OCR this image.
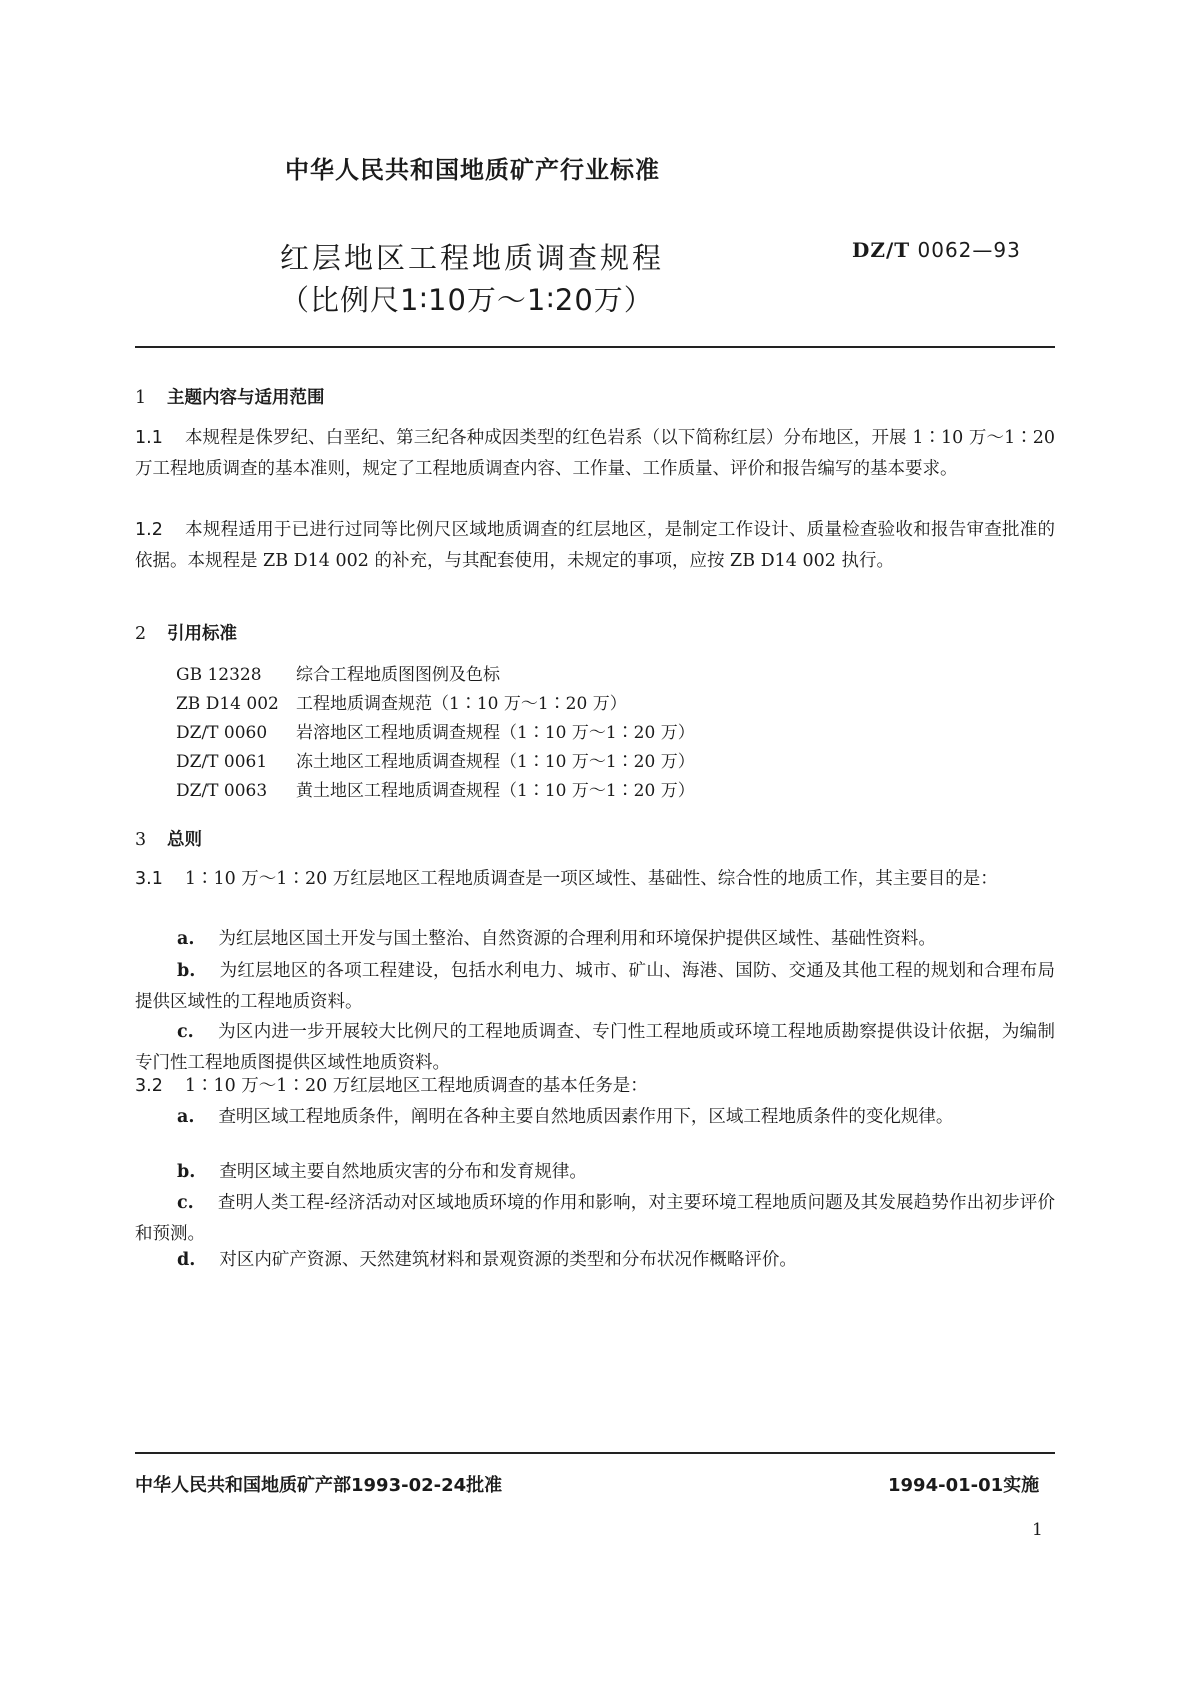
中华人民共和国地质矿产行业标准
红层地区工程地质调查规程
（比例尺1∶10万～1∶20万）
DZ/T 0062—93
1 主题内容与适用范围
1.1 本规程是侏罗纪、白垩纪、第三纪各种成因类型的红色岩系（以下简称红层）分布地区，开展 1∶10 万～1∶20 万工程地质调查的基本准则，规定了工程地质调查内容、工作量、工作质量、评价和报告编写的基本要求。
1.2 本规程适用于已进行过同等比例尺区域地质调查的红层地区，是制定工作设计、质量检查验收和报告审查批准的依据。本规程是 ZB D14 002 的补充，与其配套使用，未规定的事项，应按 ZB D14 002 执行。
2 引用标准
GB 12328 综合工程地质图图例及色标
ZB D14 002 工程地质调查规范（1∶10 万～1∶20 万）
DZ/T 0060 岩溶地区工程地质调查规程（1∶10 万～1∶20 万）
DZ/T 0061 冻土地区工程地质调查规程（1∶10 万～1∶20 万）
DZ/T 0063 黄土地区工程地质调查规程（1∶10 万～1∶20 万）
3 总则
3.1 1∶10 万～1∶20 万红层地区工程地质调查是一项区域性、基础性、综合性的地质工作，其主要目的是：
a. 为红层地区国土开发与国土整治、自然资源的合理利用和环境保护提供区域性、基础性资料。
b. 为红层地区的各项工程建设，包括水利电力、城市、矿山、海港、国防、交通及其他工程的规划和合理布局提供区域性的工程地质资料。
c. 为区内进一步开展较大比例尺的工程地质调查、专门性工程地质或环境工程地质勘察提供设计依据，为编制专门性工程地质图提供区域性地质资料。
3.2 1∶10 万～1∶20 万红层地区工程地质调查的基本任务是：
a. 查明区域工程地质条件，阐明在各种主要自然地质因素作用下，区域工程地质条件的变化规律。
b. 查明区域主要自然地质灾害的分布和发育规律。
c. 查明人类工程-经济活动对区域地质环境的作用和影响，对主要环境工程地质问题及其发展趋势作出初步评价和预测。
d. 对区内矿产资源、天然建筑材料和景观资源的类型和分布状况作概略评价。
中华人民共和国地质矿产部1993-02-24批准	1994-01-01实施
1
